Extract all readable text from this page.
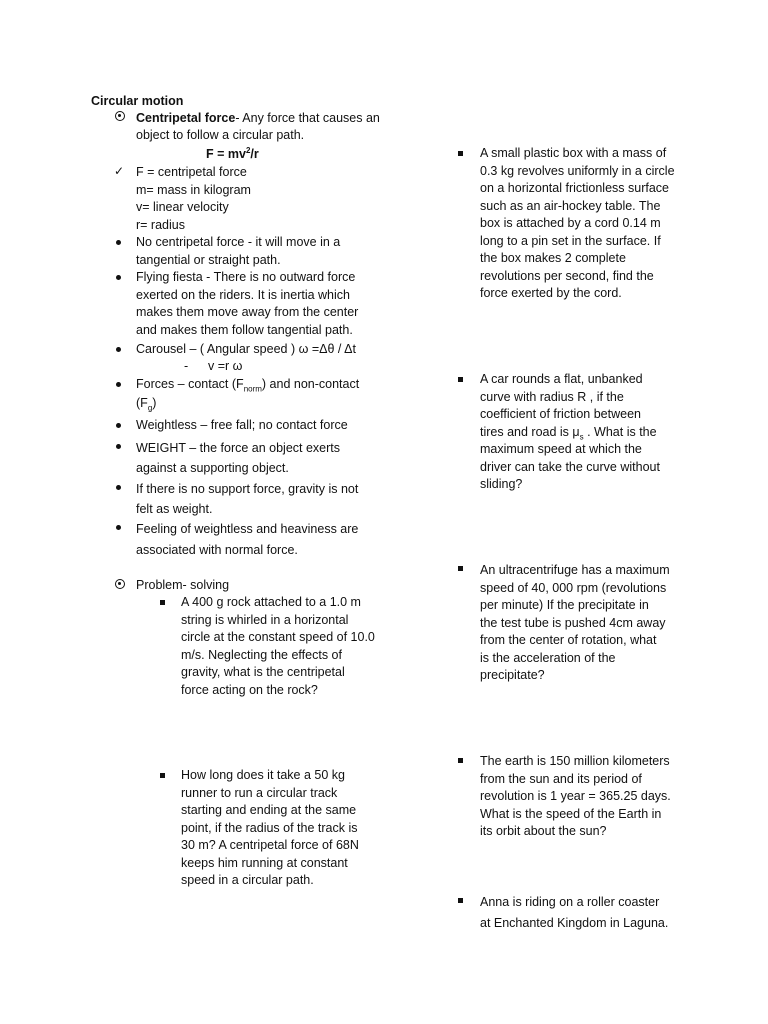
Circular motion
Centripetal force- Any force that causes an
object to follow a circular path.
$F = mv^2/r$
✓ F = centripetal force
m= mass in kilogram
v= linear velocity
r= radius
No centripetal force - it will move in a
tangential or straight path.
Flying fiesta - There is no outward force
exerted on the riders. It is inertia which
makes them move away from the center
and makes them follow tangential path.
Carousel – ( Angular speed ) ω =Δθ / Δt
- v =r ω
Forces – contact $(F_{norm})$ and non-contact
$(F_g)$
Weightless – free fall; no contact force
WEIGHT – the force an object exerts
against a supporting object.
If there is no support force, gravity is not
felt as weight.
Feeling of weightless and heaviness are
associated with normal force.
Problem- solving
A 400 g rock attached to a 1.0 m
string is whirled in a horizontal
circle at the constant speed of 10.0
m/s. Neglecting the effects of
gravity, what is the centripetal
force acting on the rock?
How long does it take a 50 kg
runner to run a circular track
starting and ending at the same
point, if the radius of the track is
30 m? A centripetal force of 68N
keeps him running at constant
speed in a circular path.
A small plastic box with a mass of
0.3 kg revolves uniformly in a circle
on a horizontal frictionless surface
such as an air-hockey table. The
box is attached by a cord 0.14 m
long to a pin set in the surface. If
the box makes 2 complete
revolutions per second, find the
force exerted by the cord.
A car rounds a flat, unbanked
curve with radius R , if the
coefficient of friction between
tires and road is $\mu_s$ . What is the
maximum speed at which the
driver can take the curve without
sliding?
An ultracentrifuge has a maximum
speed of 40, 000 rpm (revolutions
per minute) If the precipitate in
the test tube is pushed 4cm away
from the center of rotation, what
is the acceleration of the
precipitate?
The earth is 150 million kilometers
from the sun and its period of
revolution is 1 year = 365.25 days.
What is the speed of the Earth in
its orbit about the sun?
Anna is riding on a roller coaster
at Enchanted Kingdom in Laguna.
